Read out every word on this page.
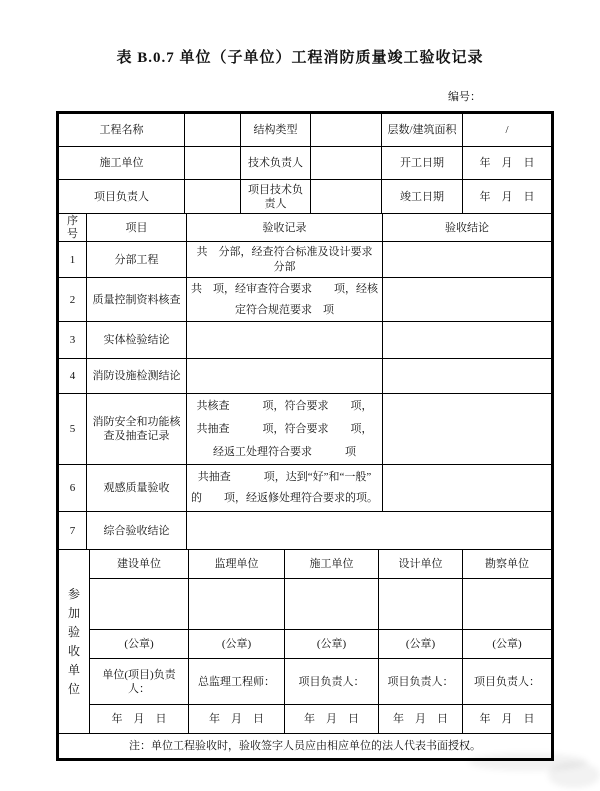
表 B.0.7 单位（子单位）工程消防质量竣工验收记录
编号：
工程名称		结构类型		层数/建筑面积	/
施工单位		技术负责人		开工日期	年　月　日
项目负责人		项目技术负责人		竣工日期	年　月　日
序号	项目	验收记录	验收结论
1	分部工程	共　分部，经查符合标准及设计要求
分部	

2	质量控制资料核查	共　项，经审查符合要求　　项，经核
定符合规范要求　项	

3	实体检验结论		
4	消防设施检测结论		
5	消防安全和功能核查及抽查记录	共核查　　　项，符合要求　　项，
共抽查　　　项，符合要求　　项，
经返工处理符合要求　　　项	

6	观感质量验收	共抽查　　　项，达到“好”和“一般”
的　　项，经返修处理符合要求的项。	

7	综合验收结论		
参加验收单位	建设单位	监理单位	施工单位	设计单位	勘察单位

	(公章)	(公章)	(公章)	(公章)	(公章)
	单位(项目)负责人：	总监理工程师：	项目负责人：	项目负责人：	项目负责人：
	年　月　日	年　月　日	年　月　日	年　月　日	年　月　日
注：单位工程验收时，验收签字人员应由相应单位的法人代表书面授权。					
